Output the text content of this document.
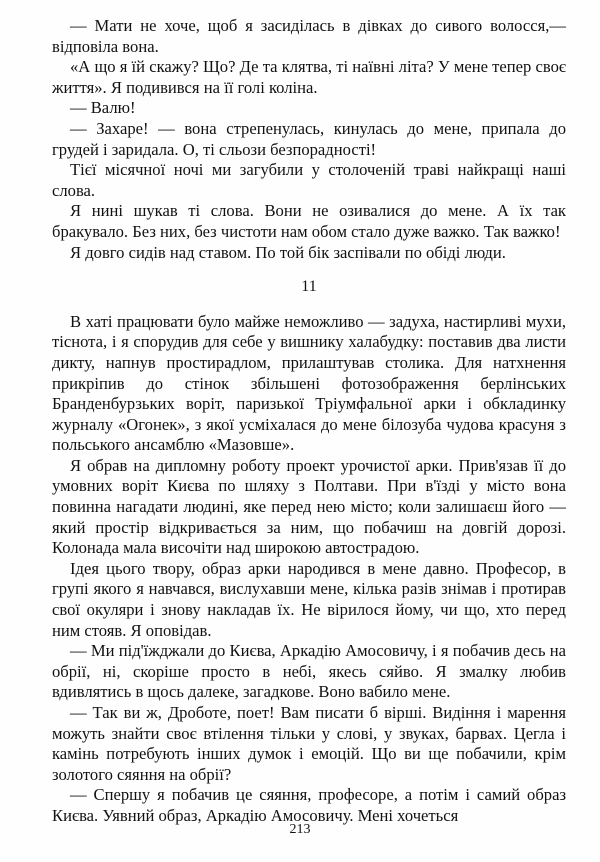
— Мати не хоче, щоб я засиділась в дівках до сивого волосся,— відповіла вона.

«А що я їй скажу? Що? Де та клятва, ті наївні літа? У мене тепер своє життя». Я подивився на її голі коліна.

— Валю!

— Захаре! — вона стрепенулась, кинулась до мене, припала до грудей і заридала. О, ті сльози безпорадності!

Тієї місячної ночі ми загубили у столоченій траві найкращі наші слова.

Я нині шукав ті слова. Вони не озивалися до мене. А їх так бракувало. Без них, без чистоти нам обом стало дуже важко. Так важко!

Я довго сидів над ставом. По той бік заспівали по обіді люди.

11

В хаті працювати було майже неможливо — задуха, настирливі мухи, тіснота, і я спорудив для себе у вишнику халабудку: поставив два листи дикту, напнув простирадлом, прилаштував столика. Для натхнення прикріпив до стінок збільшені фотозображення берлінських Бранденбурзьких воріт, паризької Тріумфальної арки і обкладинку журналу «Огонек», з якої усміхалася до мене білозуба чудова красуня з польського ансамблю «Мазовше».

Я обрав на дипломну роботу проект урочистої арки. Прив'язав її до умовних воріт Києва по шляху з Полтави. При в'їзді у місто вона повинна нагадати людині, яке перед нею місто; коли залишаєш його — який простір відкривається за ним, що побачиш на довгій дорозі. Колонада мала височіти над широкою автострадою.

Ідея цього твору, образ арки народився в мене давно. Професор, в групі якого я навчався, вислухавши мене, кілька разів знімав і протирав свої окуляри і знову накладав їх. Не вірилося йому, чи що, хто перед ним стояв. Я оповідав.

— Ми під'їжджали до Києва, Аркадію Амосовичу, і я побачив десь на обрії, ні, скоріше просто в небі, якесь сяйво. Я змалку любив вдивлятись в щось далеке, загадкове. Воно вабило мене.

— Так ви ж, Дроботе, поет! Вам писати б вірші. Видіння і марення можуть знайти своє втілення тільки у слові, у звуках, барвах. Цегла і камінь потребують інших думок і емоцій. Що ви ще побачили, крім золотого сяяння на обрії?

— Спершу я побачив це сяяння, професоре, а потім і самий образ Києва. Уявний образ, Аркадію Амосовичу. Мені хочеться

213
